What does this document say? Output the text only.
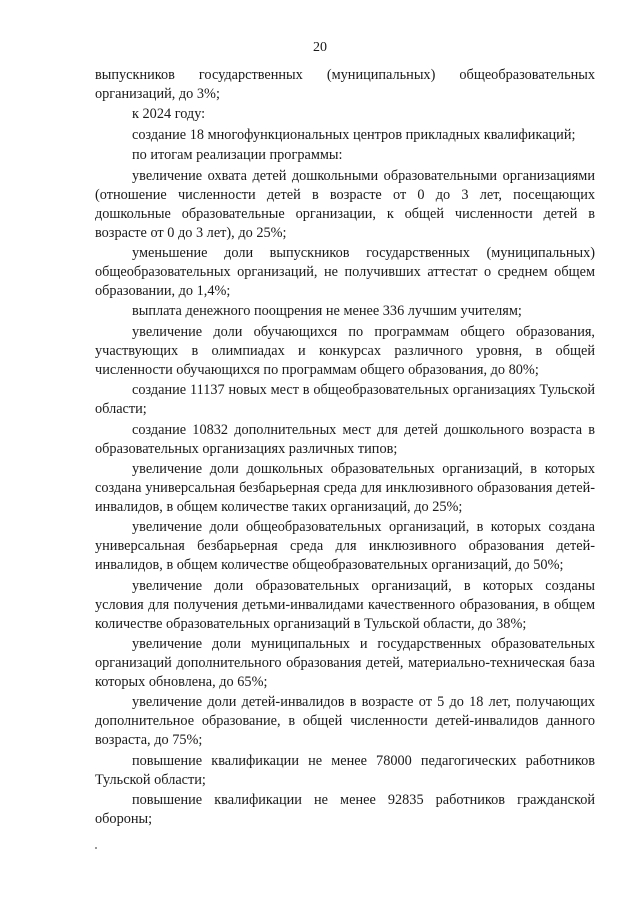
20

выпускников государственных (муниципальных) общеобразовательных организаций, до 3%;

к 2024 году:

создание 18 многофункциональных центров прикладных квалификаций;

по итогам реализации программы:

увеличение охвата детей дошкольными образовательными организациями (отношение численности детей в возрасте от 0 до 3 лет, посещающих дошкольные образовательные организации, к общей численности детей в возрасте от 0 до 3 лет), до 25%;

уменьшение доли выпускников государственных (муниципальных) общеобразовательных организаций, не получивших аттестат о среднем общем образовании, до 1,4%;

выплата денежного поощрения не менее 336 лучшим учителям;

увеличение доли обучающихся по программам общего образования, участвующих в олимпиадах и конкурсах различного уровня, в общей численности обучающихся по программам общего образования, до 80%;

создание 11137 новых мест в общеобразовательных организациях Тульской области;

создание 10832 дополнительных мест для детей дошкольного возраста в образовательных организациях различных типов;

увеличение доли дошкольных образовательных организаций, в которых создана универсальная безбарьерная среда для инклюзивного образования детей-инвалидов, в общем количестве таких организаций, до 25%;

увеличение доли общеобразовательных организаций, в которых создана универсальная безбарьерная среда для инклюзивного образования детей-инвалидов, в общем количестве общеобразовательных организаций, до 50%;

увеличение доли образовательных организаций, в которых созданы условия для получения детьми-инвалидами качественного образования, в общем количестве образовательных организаций в Тульской области, до 38%;

увеличение доли муниципальных и государственных образовательных организаций дополнительного образования детей, материально-техническая база которых обновлена, до 65%;

увеличение доли детей-инвалидов в возрасте от 5 до 18 лет, получающих дополнительное образование, в общей численности детей-инвалидов данного возраста, до 75%;

повышение квалификации не менее 78000 педагогических работников Тульской области;

повышение квалификации не менее 92835 работников гражданской обороны;
